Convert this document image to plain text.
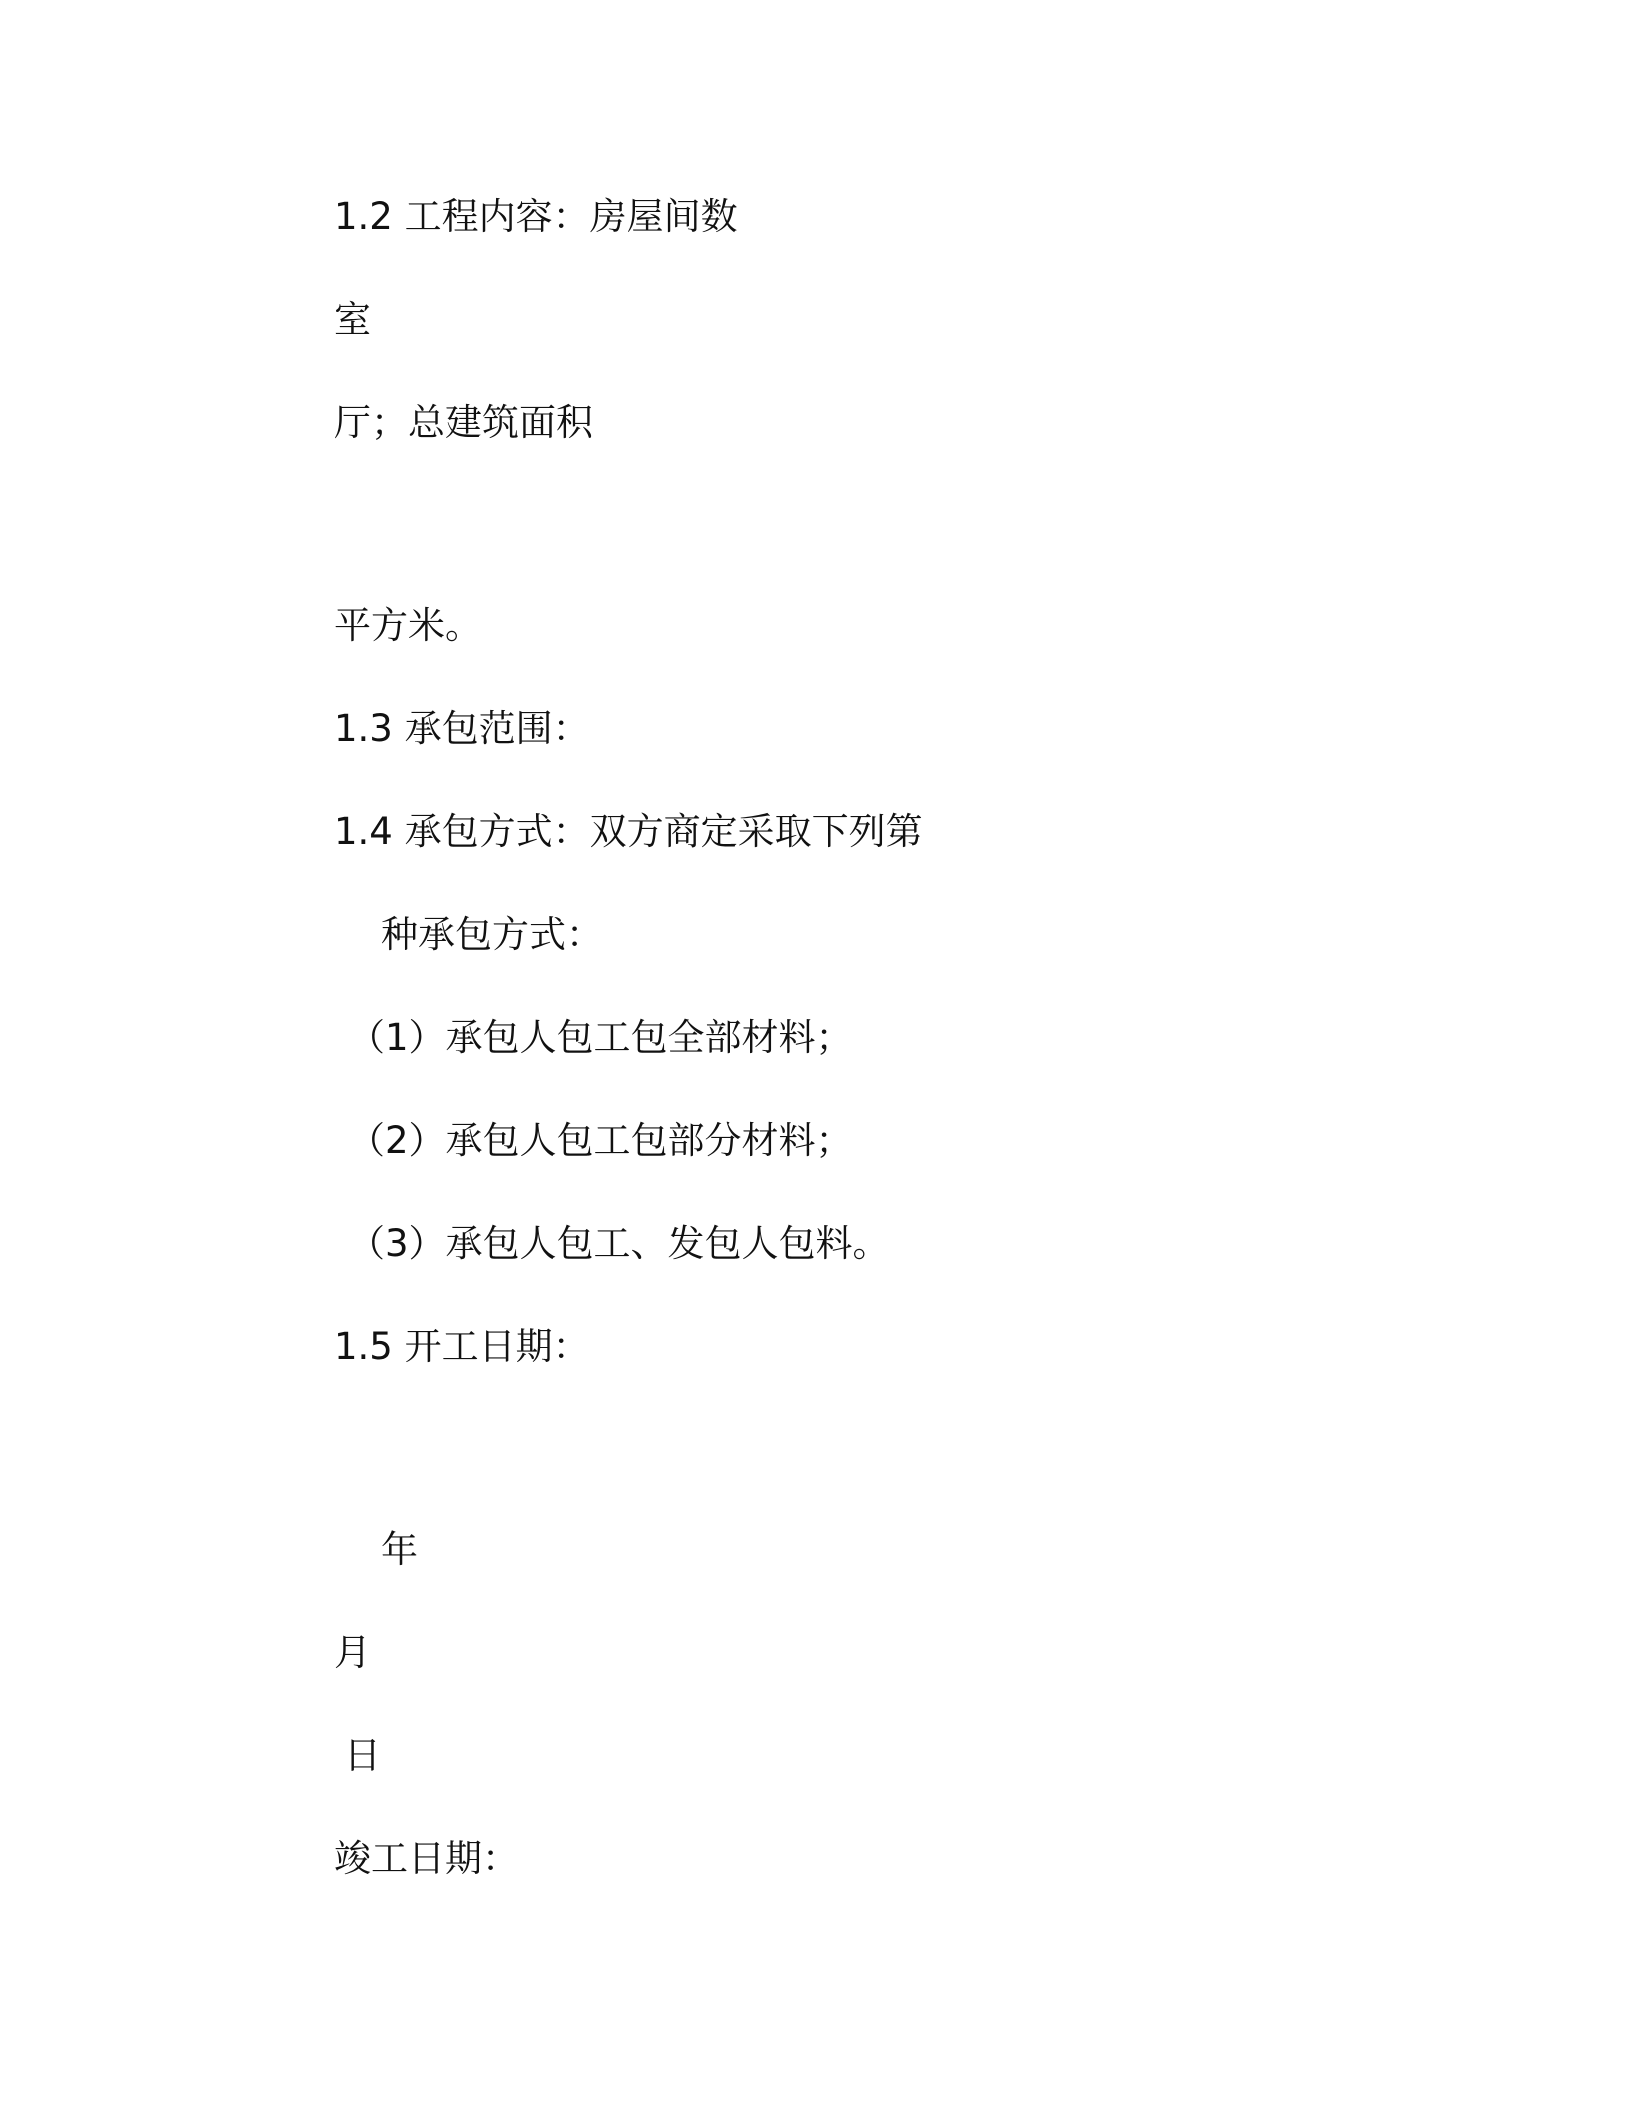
1.2 工程内容：房屋间数
室
厅；总建筑面积
平方米。
1.3 承包范围：
1.4 承包方式：双方商定采取下列第
种承包方式：
（1）承包人包工包全部材料；
（2）承包人包工包部分材料；
（3）承包人包工、发包人包料。
1.5 开工日期：
年
月
日
竣工日期：
